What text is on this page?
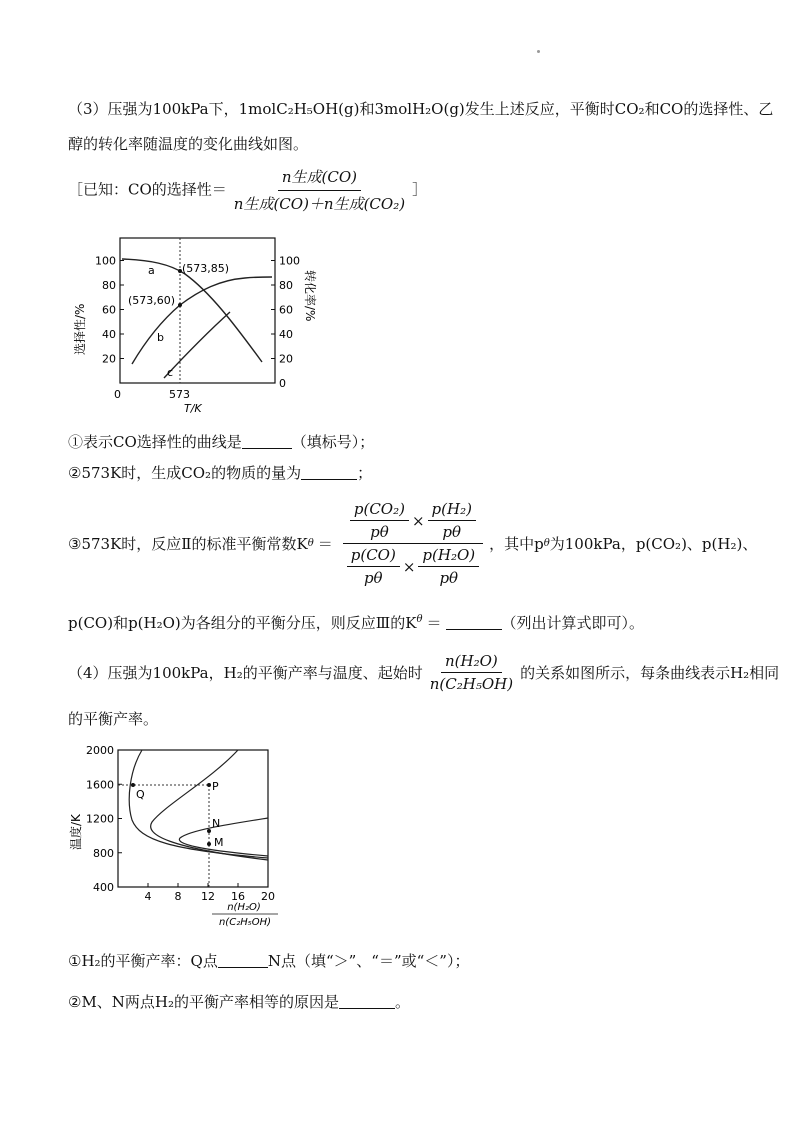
（3）压强为100kPa下，1molC₂H₅OH(g)和3molH₂O(g)发生上述反应，平衡时CO₂和CO的选择性、乙
醇的转化率随温度的变化曲线如图。
［已知：CO的选择性＝ $\frac{\text{n生成(CO)}}{\text{n生成(CO)＋n生成(CO₂)}}$ ］
20
40
60
80
100
0
20
40
60
80
100
a
b
c
(573,85)
(573,60)
0	573
T/K
选择性/%
转化率/%
①表示CO选择性的曲线是	（填标号）；
②573K时，生成CO₂的物质的量为	；
③573K时，反应Ⅱ的标准平衡常数K $\theta = \frac{\frac{\text{p(CO₂)}}{p\theta} \times \frac{\text{p(H₂)}}{p\theta}}{\frac{p(CO)}{p\theta} \times \frac{\text{p(H₂O)}}{p\theta}}$ ，其中p θ 为100kPa，p(CO₂)、p(H₂)、
p(CO)和p(H₂O)为各组分的平衡分压，则反应Ⅲ的$K^\theta$ ＝	（列出计算式即可）。
（4）压强为100kPa，H₂的平衡产率与温度、起始时 $\frac{\text{n(H₂O)}}{\text{n(C₂H₅OH)}}$ 的关系如图所示，每条曲线表示H₂相同
的平衡产率。
400
800
1200
1600
2000
4 8 12 16 20
Q
P
N
M
温度/K
n(H₂O)
n(C₂H₅OH)
①H₂的平衡产率：Q点	N点（填“＞”、“＝”或“＜”）；
②M、N两点H₂的平衡产率相等的原因是	。
